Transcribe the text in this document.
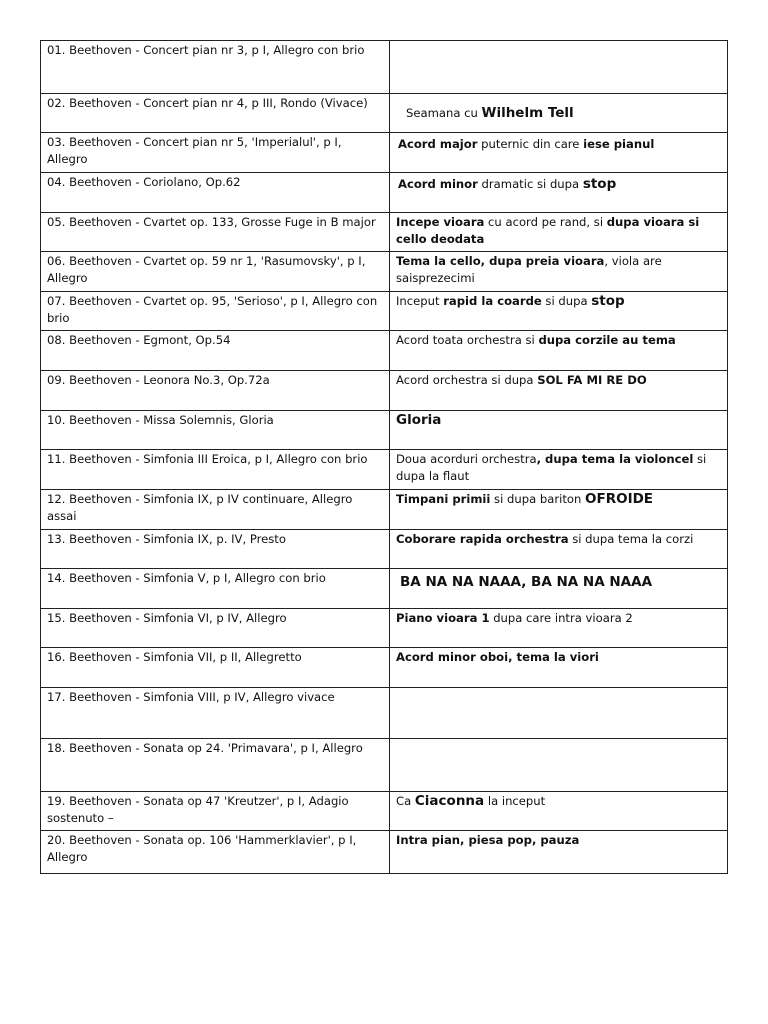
01. Beethoven - Concert pian nr 3, p I, Allegro con brio	
02. Beethoven - Concert pian nr 4, p III, Rondo (Vivace)	Seamana cu Wilhelm Tell
03. Beethoven - Concert pian nr 5, 'Imperialul', p I, Allegro	Acord major puternic din care iese pianul
04. Beethoven - Coriolano, Op.62	Acord minor dramatic si dupa stop
05. Beethoven - Cvartet op. 133, Grosse Fuge in B major	Incepe vioara cu acord pe rand, si dupa vioara si cello deodata
06. Beethoven - Cvartet op. 59 nr 1, 'Rasumovsky', p I, Allegro	Tema la cello, dupa preia vioara, viola are saisprezecimi
07. Beethoven - Cvartet op. 95, 'Serioso', p I, Allegro con brio	Inceput rapid la coarde si dupa stop
08. Beethoven - Egmont, Op.54	Acord toata orchestra si dupa corzile au tema
09. Beethoven - Leonora No.3, Op.72a	Acord orchestra si dupa SOL FA MI RE DO
10. Beethoven - Missa Solemnis, Gloria	Gloria
11. Beethoven - Simfonia III Eroica, p I, Allegro con brio	Doua acorduri orchestra, dupa tema la violoncel si dupa la flaut
12. Beethoven - Simfonia IX, p IV continuare, Allegro assai	Timpani primii si dupa bariton OFROIDE
13. Beethoven - Simfonia IX, p. IV, Presto	Coborare rapida orchestra si dupa tema la corzi
14. Beethoven - Simfonia V, p I, Allegro con brio	BA NA NA NAAA, BA NA NA NAAA
15. Beethoven - Simfonia VI, p IV, Allegro	Piano vioara 1 dupa care intra vioara 2
16. Beethoven - Simfonia VII, p II, Allegretto	Acord minor oboi, tema la viori
17. Beethoven - Simfonia VIII, p IV, Allegro vivace	
18. Beethoven - Sonata op 24. 'Primavara', p I, Allegro	
19. Beethoven - Sonata op 47 'Kreutzer', p I, Adagio sostenuto –	Ca Ciaconna la inceput
20. Beethoven - Sonata op. 106 'Hammerklavier', p I, Allegro	Intra pian, piesa pop, pauza
